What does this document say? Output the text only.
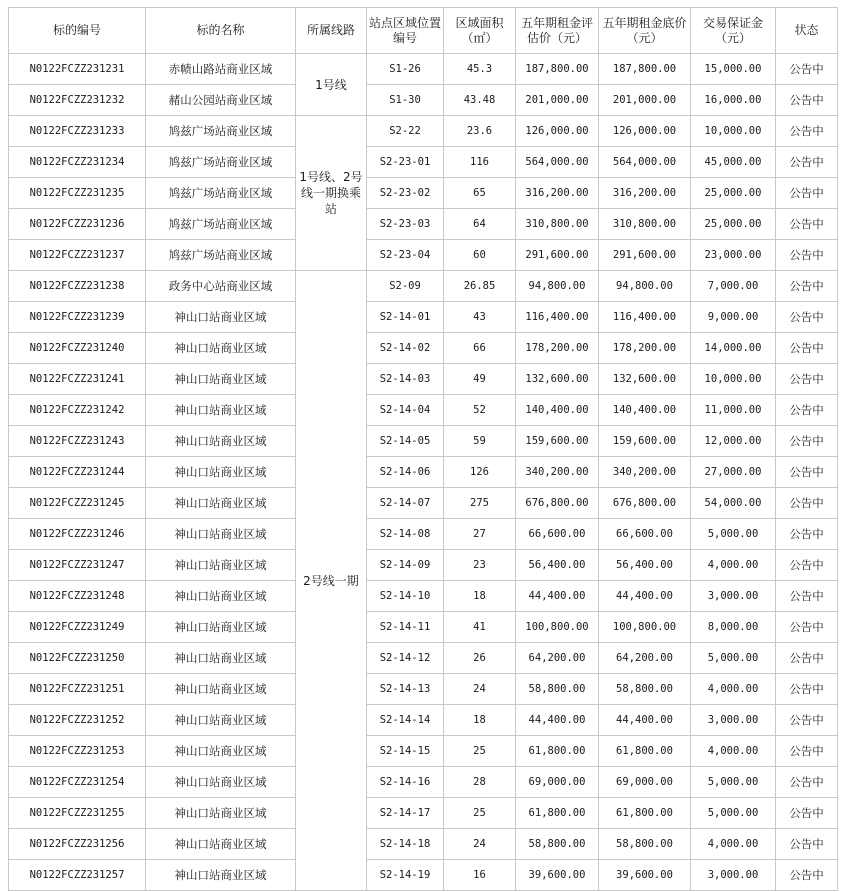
标的编号	标的名称	所属线路	站点区域位置编号	区域面积（㎡）	五年期租金评估价（元）	五年期租金底价（元）	交易保证金（元）	状态
N0122FCZZ231231	赤帻山路站商业区域	1号线	S1-26	45.3	187,800.00	187,800.00	15,000.00	公告中
N0122FCZZ231232	赭山公园站商业区域		S1-30	43.48	201,000.00	201,000.00	16,000.00	公告中
N0122FCZZ231233	鸠兹广场站商业区域	1号线、2号线一期换乘站	S2-22	23.6	126,000.00	126,000.00	10,000.00	公告中
N0122FCZZ231234	鸠兹广场站商业区域		S2-23-01	116	564,000.00	564,000.00	45,000.00	公告中
N0122FCZZ231235	鸠兹广场站商业区域		S2-23-02	65	316,200.00	316,200.00	25,000.00	公告中
N0122FCZZ231236	鸠兹广场站商业区域		S2-23-03	64	310,800.00	310,800.00	25,000.00	公告中
N0122FCZZ231237	鸠兹广场站商业区域		S2-23-04	60	291,600.00	291,600.00	23,000.00	公告中
N0122FCZZ231238	政务中心站商业区域	2号线一期	S2-09	26.85	94,800.00	94,800.00	7,000.00	公告中
N0122FCZZ231239	神山口站商业区域		S2-14-01	43	116,400.00	116,400.00	9,000.00	公告中
N0122FCZZ231240	神山口站商业区域		S2-14-02	66	178,200.00	178,200.00	14,000.00	公告中
N0122FCZZ231241	神山口站商业区域		S2-14-03	49	132,600.00	132,600.00	10,000.00	公告中
N0122FCZZ231242	神山口站商业区域		S2-14-04	52	140,400.00	140,400.00	11,000.00	公告中
N0122FCZZ231243	神山口站商业区域		S2-14-05	59	159,600.00	159,600.00	12,000.00	公告中
N0122FCZZ231244	神山口站商业区域		S2-14-06	126	340,200.00	340,200.00	27,000.00	公告中
N0122FCZZ231245	神山口站商业区域		S2-14-07	275	676,800.00	676,800.00	54,000.00	公告中
N0122FCZZ231246	神山口站商业区域		S2-14-08	27	66,600.00	66,600.00	5,000.00	公告中
N0122FCZZ231247	神山口站商业区域		S2-14-09	23	56,400.00	56,400.00	4,000.00	公告中
N0122FCZZ231248	神山口站商业区域		S2-14-10	18	44,400.00	44,400.00	3,000.00	公告中
N0122FCZZ231249	神山口站商业区域		S2-14-11	41	100,800.00	100,800.00	8,000.00	公告中
N0122FCZZ231250	神山口站商业区域		S2-14-12	26	64,200.00	64,200.00	5,000.00	公告中
N0122FCZZ231251	神山口站商业区域		S2-14-13	24	58,800.00	58,800.00	4,000.00	公告中
N0122FCZZ231252	神山口站商业区域		S2-14-14	18	44,400.00	44,400.00	3,000.00	公告中
N0122FCZZ231253	神山口站商业区域		S2-14-15	25	61,800.00	61,800.00	4,000.00	公告中
N0122FCZZ231254	神山口站商业区域		S2-14-16	28	69,000.00	69,000.00	5,000.00	公告中
N0122FCZZ231255	神山口站商业区域		S2-14-17	25	61,800.00	61,800.00	5,000.00	公告中
N0122FCZZ231256	神山口站商业区域		S2-14-18	24	58,800.00	58,800.00	4,000.00	公告中
N0122FCZZ231257	神山口站商业区域		S2-14-19	16	39,600.00	39,600.00	3,000.00	公告中
